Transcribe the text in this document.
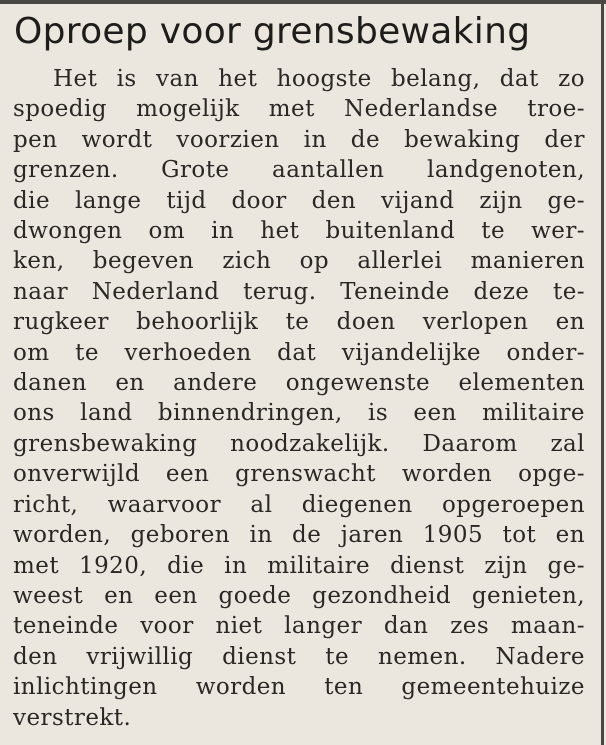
Oproep voor grensbewaking
Het is van het hoogste belang, dat zo
spoedig mogelijk met Nederlandse troe-
pen wordt voorzien in de bewaking der
grenzen. Grote aantallen landgenoten,
die lange tijd door den vijand zijn ge-
dwongen om in het buitenland te wer-
ken, begeven zich op allerlei manieren
naar Nederland terug. Teneinde deze te-
rugkeer behoorlijk te doen verlopen en
om te verhoeden dat vijandelijke onder-
danen en andere ongewenste elementen
ons land binnendringen, is een militaire
grensbewaking noodzakelijk. Daarom zal
onverwijld een grenswacht worden opge-
richt, waarvoor al diegenen opgeroepen
worden, geboren in de jaren 1905 tot en
met 1920, die in militaire dienst zijn ge-
weest en een goede gezondheid genieten,
teneinde voor niet langer dan zes maan-
den vrijwillig dienst te nemen. Nadere
inlichtingen worden ten gemeentehuize
verstrekt.
